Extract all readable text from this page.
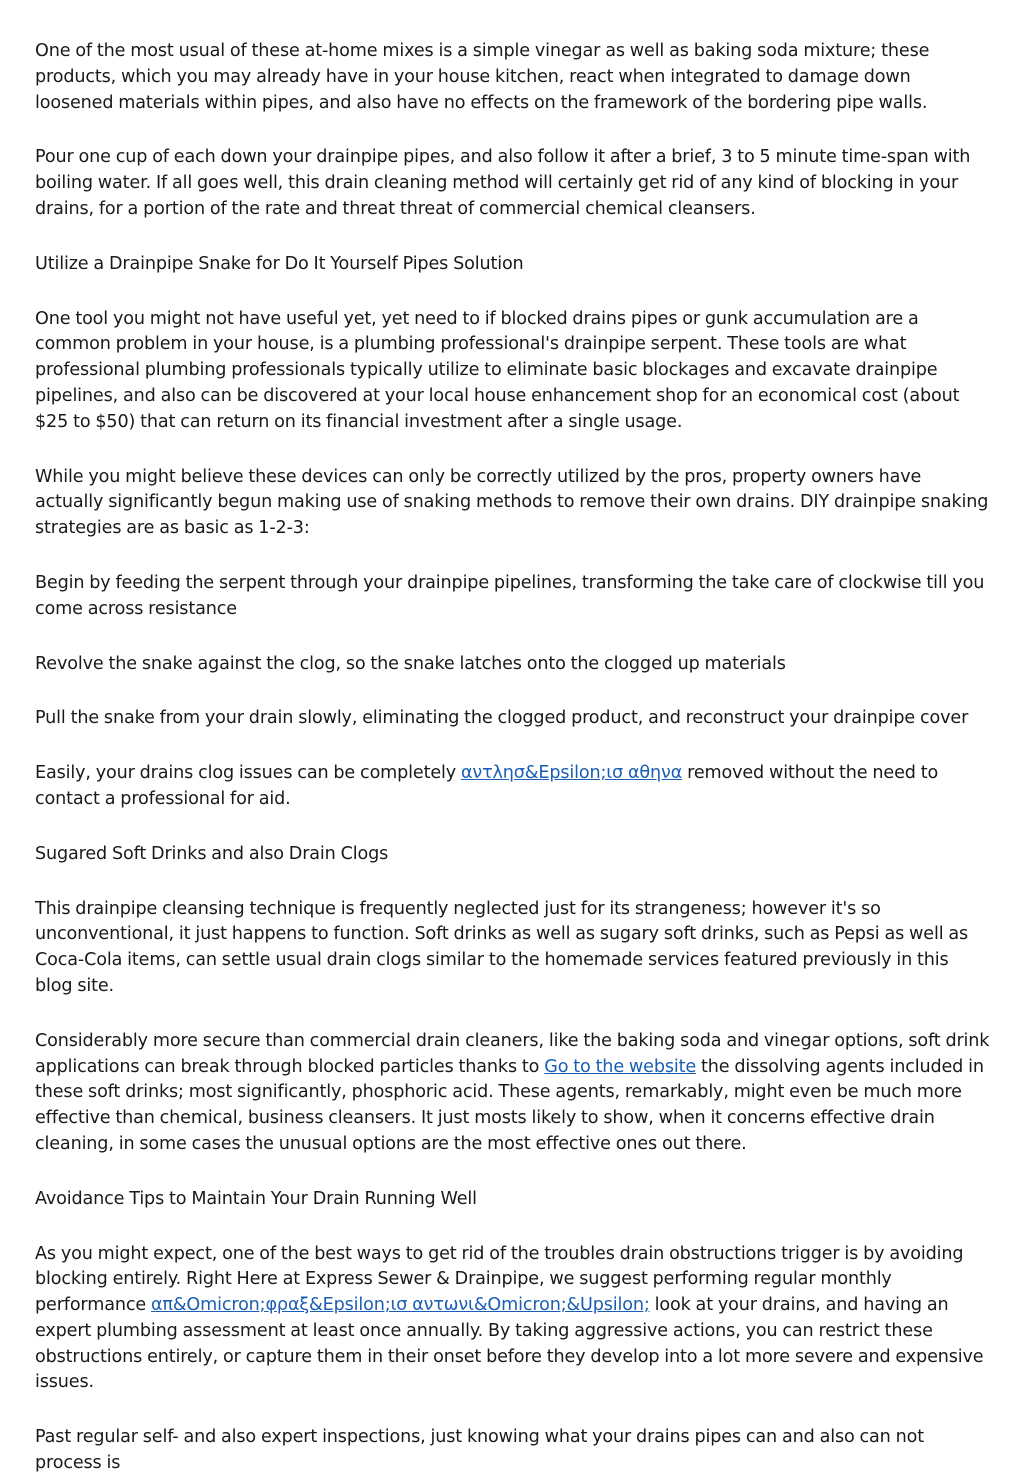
One of the most usual of these at-home mixes is a simple vinegar as well as baking soda mixture; these products, which you may already have in your house kitchen, react when integrated to damage down loosened materials within pipes, and also have no effects on the framework of the bordering pipe walls.

Pour one cup of each down your drainpipe pipes, and also follow it after a brief, 3 to 5 minute time-span with boiling water. If all goes well, this drain cleaning method will certainly get rid of any kind of blocking in your drains, for a portion of the rate and threat threat of commercial chemical cleansers.

Utilize a Drainpipe Snake for Do It Yourself Pipes Solution

One tool you might not have useful yet, yet need to if blocked drains pipes or gunk accumulation are a common problem in your house, is a plumbing professional's drainpipe serpent. These tools are what professional plumbing professionals typically utilize to eliminate basic blockages and excavate drainpipe pipelines, and also can be discovered at your local house enhancement shop for an economical cost (about $25 to $50) that can return on its financial investment after a single usage.

While you might believe these devices can only be correctly utilized by the pros, property owners have actually significantly begun making use of snaking methods to remove their own drains. DIY drainpipe snaking strategies are as basic as 1-2-3:

Begin by feeding the serpent through your drainpipe pipelines, transforming the take care of clockwise till you come across resistance

Revolve the snake against the clog, so the snake latches onto the clogged up materials

Pull the snake from your drain slowly, eliminating the clogged product, and reconstruct your drainpipe cover

Easily, your drains clog issues can be completely αντλησ&Epsilon;ισ αθηνα removed without the need to contact a professional for aid.

Sugared Soft Drinks and also Drain Clogs

This drainpipe cleansing technique is frequently neglected just for its strangeness; however it's so unconventional, it just happens to function. Soft drinks as well as sugary soft drinks, such as Pepsi as well as Coca-Cola items, can settle usual drain clogs similar to the homemade services featured previously in this blog site.

Considerably more secure than commercial drain cleaners, like the baking soda and vinegar options, soft drink applications can break through blocked particles thanks to Go to the website the dissolving agents included in these soft drinks; most significantly, phosphoric acid. These agents, remarkably, might even be much more effective than chemical, business cleansers. It just mosts likely to show, when it concerns effective drain cleaning, in some cases the unusual options are the most effective ones out there.

Avoidance Tips to Maintain Your Drain Running Well

As you might expect, one of the best ways to get rid of the troubles drain obstructions trigger is by avoiding blocking entirely. Right Here at Express Sewer & Drainpipe, we suggest performing regular monthly performance απ&Omicron;φραξ&Epsilon;ισ αντωνι&Omicron;&Upsilon; look at your drains, and having an expert plumbing assessment at least once annually. By taking aggressive actions, you can restrict these obstructions entirely, or capture them in their onset before they develop into a lot more severe and expensive issues.

Past regular self- and also expert inspections, just knowing what your drains pipes can and also can not process is
